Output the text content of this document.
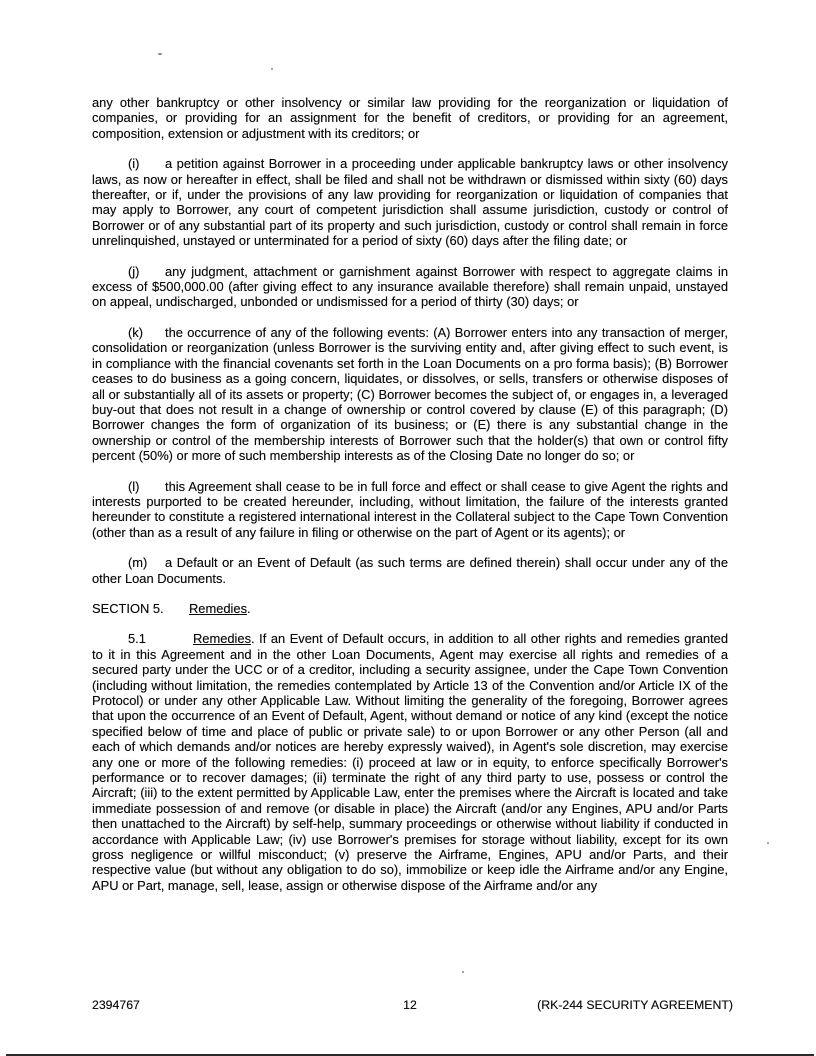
any other bankruptcy or other insolvency or similar law providing for the reorganization or liquidation of companies, or providing for an assignment for the benefit of creditors, or providing for an agreement, composition, extension or adjustment with its creditors; or

(i) a petition against Borrower in a proceeding under applicable bankruptcy laws or other insolvency laws, as now or hereafter in effect, shall be filed and shall not be withdrawn or dismissed within sixty (60) days thereafter, or if, under the provisions of any law providing for reorganization or liquidation of companies that may apply to Borrower, any court of competent jurisdiction shall assume jurisdiction, custody or control of Borrower or of any substantial part of its property and such jurisdiction, custody or control shall remain in force unrelinquished, unstayed or unterminated for a period of sixty (60) days after the filing date; or

(j) any judgment, attachment or garnishment against Borrower with respect to aggregate claims in excess of $500,000.00 (after giving effect to any insurance available therefore) shall remain unpaid, unstayed on appeal, undischarged, unbonded or undismissed for a period of thirty (30) days; or

(k) the occurrence of any of the following events: (A) Borrower enters into any transaction of merger, consolidation or reorganization (unless Borrower is the surviving entity and, after giving effect to such event, is in compliance with the financial covenants set forth in the Loan Documents on a pro forma basis); (B) Borrower ceases to do business as a going concern, liquidates, or dissolves, or sells, transfers or otherwise disposes of all or substantially all of its assets or property; (C) Borrower becomes the subject of, or engages in, a leveraged buy-out that does not result in a change of ownership or control covered by clause (E) of this paragraph; (D) Borrower changes the form of organization of its business; or (E) there is any substantial change in the ownership or control of the membership interests of Borrower such that the holder(s) that own or control fifty percent (50%) or more of such membership interests as of the Closing Date no longer do so; or

(l) this Agreement shall cease to be in full force and effect or shall cease to give Agent the rights and interests purported to be created hereunder, including, without limitation, the failure of the interests granted hereunder to constitute a registered international interest in the Collateral subject to the Cape Town Convention (other than as a result of any failure in filing or otherwise on the part of Agent or its agents); or

(m) a Default or an Event of Default (as such terms are defined therein) shall occur under any of the other Loan Documents.

SECTION 5. Remedies.

5.1	Remedies. If an Event of Default occurs, in addition to all other rights and remedies granted to it in this Agreement and in the other Loan Documents, Agent may exercise all rights and remedies of a secured party under the UCC or of a creditor, including a security assignee, under the Cape Town Convention (including without limitation, the remedies contemplated by Article 13 of the Convention and/or Article IX of the Protocol) or under any other Applicable Law. Without limiting the generality of the foregoing, Borrower agrees that upon the occurrence of an Event of Default, Agent, without demand or notice of any kind (except the notice specified below of time and place of public or private sale) to or upon Borrower or any other Person (all and each of which demands and/or notices are hereby expressly waived), in Agent's sole discretion, may exercise any one or more of the following remedies: (i) proceed at law or in equity, to enforce specifically Borrower's performance or to recover damages; (ii) terminate the right of any third party to use, possess or control the Aircraft; (iii) to the extent permitted by Applicable Law, enter the premises where the Aircraft is located and take immediate possession of and remove (or disable in place) the Aircraft (and/or any Engines, APU and/or Parts then unattached to the Aircraft) by self-help, summary proceedings or otherwise without liability if conducted in accordance with Applicable Law; (iv) use Borrower's premises for storage without liability, except for its own gross negligence or willful misconduct; (v) preserve the Airframe, Engines, APU and/or Parts, and their respective value (but without any obligation to do so), immobilize or keep idle the Airframe and/or any Engine, APU or Part, manage, sell, lease, assign or otherwise dispose of the Airframe and/or any

2394767	12	(RK-244 SECURITY AGREEMENT)
